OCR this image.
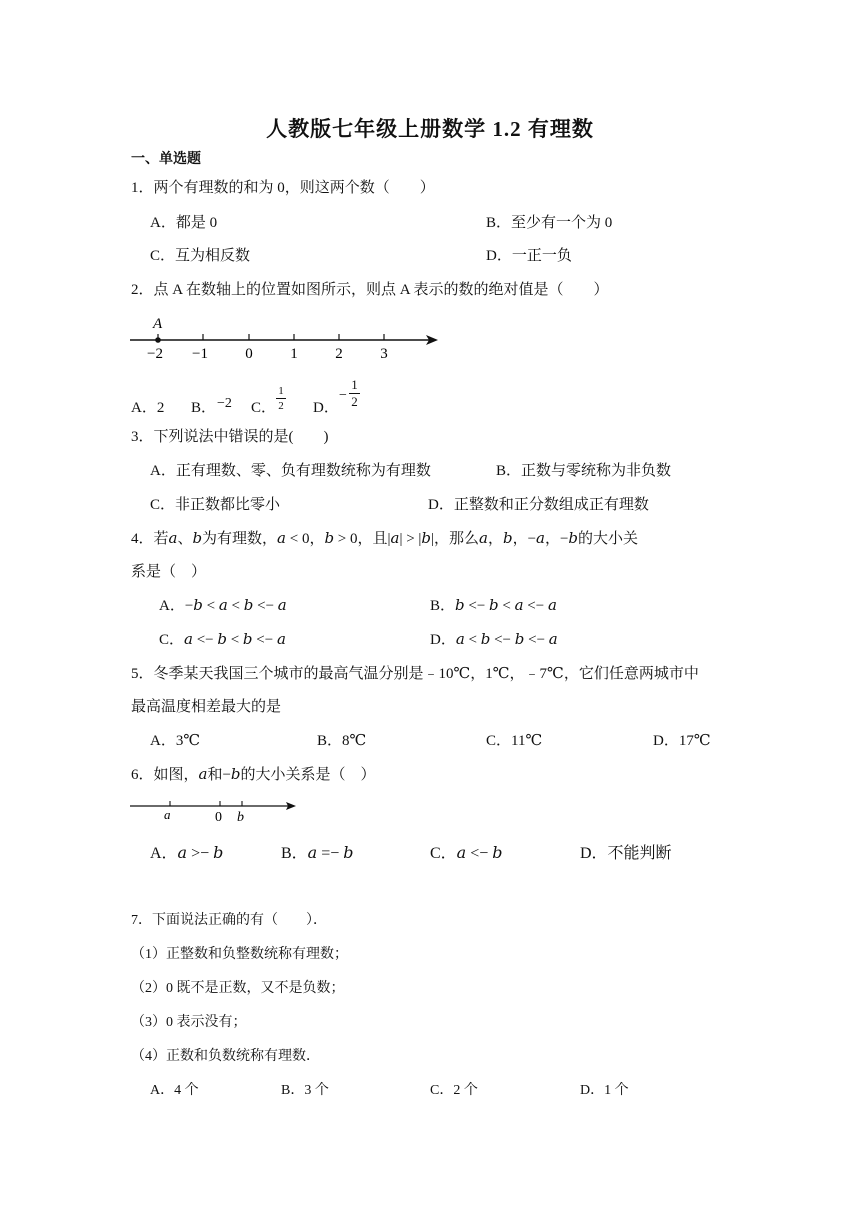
人教版七年级上册数学 1.2 有理数
一、单选题
1．两个有理数的和为 0，则这两个数（　　）
A．都是 0	B．至少有一个为 0
C．互为相反数	D．一正一负
2．点 A 在数轴上的位置如图所示，则点 A 表示的数的绝对值是（　　）
A
−2 −1 0	1	2	3
A．2 B． −2 C．
1
2 D．
−
1
2
3．下列说法中错误的是(　　)
A．正有理数、零、负有理数统称为有理数	B．正数与零统称为非负数
C．非正数都比零小	D．正整数和正分数组成正有理数
4．若𝑎、𝑏为有理数，𝑎 < 0，𝑏 > 0，且|𝑎| > |𝑏|，那么𝑎，𝑏，−𝑎，−𝑏的大小关
系是（　）
A．−𝑏 < 𝑎 < 𝑏 <− 𝑎	B．𝑏 <− 𝑏 < 𝑎 <− 𝑎
C．𝑎 <− 𝑏 < 𝑏 <− 𝑎	D．𝑎 < 𝑏 <− 𝑏 <− 𝑎
5．冬季某天我国三个城市的最高气温分别是﹣10℃，1℃，﹣7℃，它们任意两城市中
最高温度相差最大的是
A．3℃	B．8℃	C．11℃	D．17℃
6．如图，𝑎和−𝑏的大小关系是（　）
a	0 b
A．𝑎 >− 𝑏	B．𝑎 =− 𝑏	C．𝑎 <− 𝑏	D．不能判断
7．下面说法正确的有（　　）．
（1）正整数和负整数统称有理数；
（2）0 既不是正数，又不是负数；
（3）0 表示没有；
（4）正数和负数统称有理数．
A．4 个	B．3 个	C．2 个	D．1 个
